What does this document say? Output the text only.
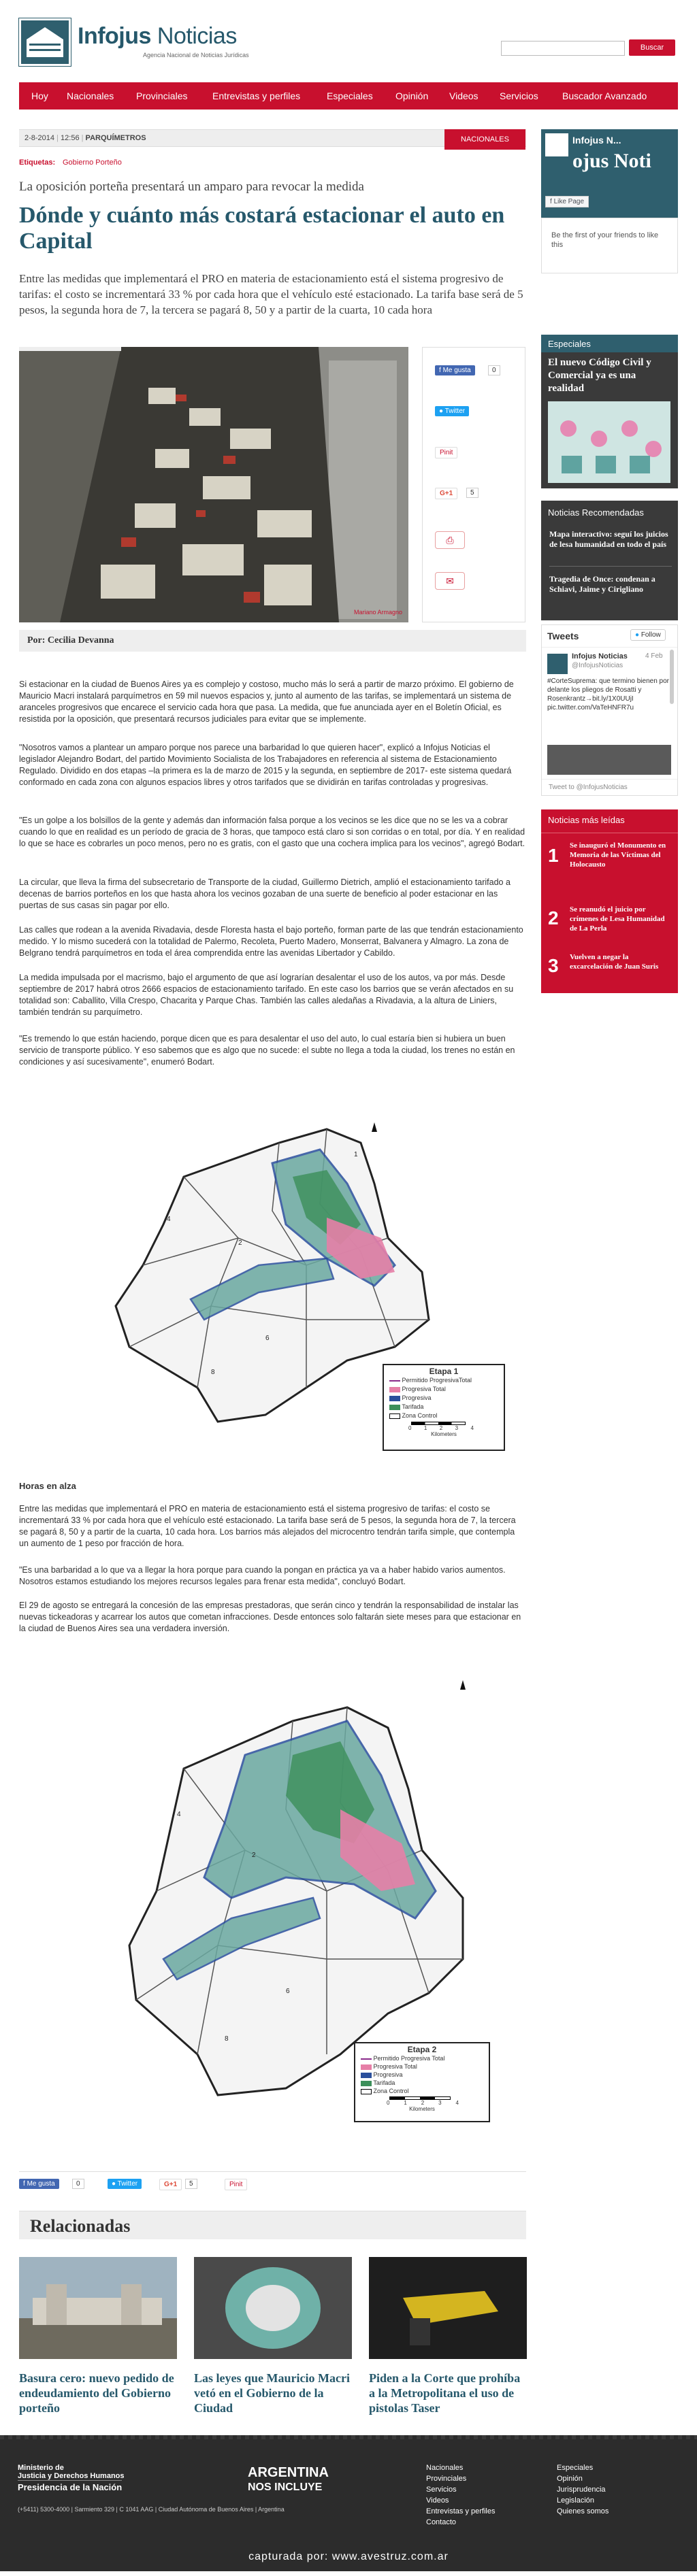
Infojus Noticias
Agencia Nacional de Noticias Jurídicas
Buscar
Hoy Nacionales Provinciales	Entrevistas y perfiles	Especiales Opinión Videos Servicios	Buscador Avanzado
2-8-2014 | 12:56 | PARQUÍMETROS	NACIONALES
Etiquetas: Gobierno Porteño
La oposición porteña presentará un amparo para revocar la medida
Dónde y cuánto más costará estacionar el auto en Capital
Entre las medidas que implementará el PRO en materia de estacionamiento está el sistema progresivo de tarifas: el costo se incrementará 33 % por cada hora que el vehículo esté estacionado. La tarifa base será de 5 pesos, la segunda hora de 7, la tercera se pagará 8, 50 y a partir de la cuarta, 10 cada hora
Mariano Armagno
f Me gusta	0
● Twitter
Pinit
G+1	5
⎙
✉
Por: Cecilia Devanna
Si estacionar en la ciudad de Buenos Aires ya es complejo y costoso, mucho más lo será a partir de marzo próximo. El gobierno de Mauricio Macri instalará parquímetros en 59 mil nuevos espacios y, junto al aumento de las tarifas, se implementará un sistema de aranceles progresivos que encarece el servicio cada hora que pasa. La medida, que fue anunciada ayer en el Boletín Oficial, es resistida por la oposición, que presentará recursos judiciales para evitar que se implemente.
"Nosotros vamos a plantear un amparo porque nos parece una barbaridad lo que quieren hacer", explicó a Infojus Noticias el legislador Alejandro Bodart, del partido Movimiento Socialista de los Trabajadores en referencia al sistema de Estacionamiento Regulado. Dividido en dos etapas –la primera es la de marzo de 2015 y la segunda, en septiembre de 2017- este sistema quedará conformado en cada zona con algunos espacios libres y otros tarifados que se dividirán en tarifas controladas y progresivas.
"Es un golpe a los bolsillos de la gente y además dan información falsa porque a los vecinos se les dice que no se les va a cobrar cuando lo que en realidad es un período de gracia de 3 horas, que tampoco está claro si son corridas o en total, por día. Y en realidad lo que se hace es cobrarles un poco menos, pero no es gratis, con el gasto que una cochera implica para los vecinos", agregó Bodart.
La circular, que lleva la firma del subsecretario de Transporte de la ciudad, Guillermo Dietrich, amplió el estacionamiento tarifado a decenas de barrios porteños en los que hasta ahora los vecinos gozaban de una suerte de beneficio al poder estacionar en las puertas de sus casas sin pagar por ello.
Las calles que rodean a la avenida Rivadavia, desde Floresta hasta el bajo porteño, forman parte de las que tendrán estacionamiento medido. Y lo mismo sucederá con la totalidad de Palermo, Recoleta, Puerto Madero, Monserrat, Balvanera y Almagro. La zona de Belgrano tendrá parquímetros en toda el área comprendida entre las avenidas Libertador y Cabildo.
La medida impulsada por el macrismo, bajo el argumento de que así lograrían desalentar el uso de los autos, va por más. Desde septiembre de 2017 habrá otros 2666 espacios de estacionamiento tarifado. En este caso los barrios que se verán afectados en su totalidad son: Caballito, Villa Crespo, Chacarita y Parque Chas. También las calles aledañas a Rivadavia, a la altura de Liniers, también tendrán su parquímetro.
"Es tremendo lo que están haciendo, porque dicen que es para desalentar el uso del auto, lo cual estaría bien si hubiera un buen servicio de transporte público. Y eso sabemos que es algo que no sucede: el subte no llega a toda la ciudad, los trenes no están en condiciones y así sucesivamente", enumeró Bodart.
2
4
6
8
1
Etapa 1
Permitido ProgresivaTotal
Progresiva Total
Progresiva
Tarifada
Zona Control
0 1 2 3 4
Kilometers
Horas en alza
Entre las medidas que implementará el PRO en materia de estacionamiento está el sistema progresivo de tarifas: el costo se incrementará 33 % por cada hora que el vehículo esté estacionado. La tarifa base será de 5 pesos, la segunda hora de 7, la tercera se pagará 8, 50 y a partir de la cuarta, 10 cada hora. Los barrios más alejados del microcentro tendrán tarifa simple, que contempla un aumento de 1 peso por fracción de hora.
"Es una barbaridad a lo que va a llegar la hora porque para cuando la pongan en práctica ya va a haber habido varios aumentos. Nosotros estamos estudiando los mejores recursos legales para frenar esta medida", concluyó Bodart.
El 29 de agosto se entregará la concesión de las empresas prestadoras, que serán cinco y tendrán la responsabilidad de instalar las nuevas tickeadoras y acarrear los autos que cometan infracciones. Desde entonces solo faltarán siete meses para que estacionar en la ciudad de Buenos Aires sea una verdadera inversión.
2
4
6
8
Etapa 2
Permitido Progresiva Total
Progresiva Total
Progresiva
Tarifada
Zona Control
0	1	2	3	4
Kilometers
f Me gusta	0	● Twitter	G+1	5	Pinit
Relacionadas
Basura cero: nuevo pedido de endeudamiento del Gobierno porteño
Las leyes que Mauricio Macri vetó en el Gobierno de la Ciudad
Piden a la Corte que prohíba a la Metropolitana el uso de pistolas Taser
Infojus N...
ojus Noti
f Like Page
Be the first of your friends to like this
Especiales
El nuevo Código Civil y Comercial ya es una realidad
Noticias Recomendadas
Mapa interactivo: seguí los juicios de lesa humanidad en todo el país
Tragedia de Once: condenan a Schiavi, Jaime y Cirigliano
Tweets	● Follow
Infojus Noticias
@InfojusNoticias
4 Feb
#CorteSuprema: que termino bienen por delante los pliegos de Rosatti y Rosenkrantz→bit.ly/1X0UUjI pic.twitter.com/VaTeHNFR7u
Tweet to @InfojusNoticias
Noticias más leídas
1 Se inauguró el Monumento en Memoria de las Víctimas del Holocausto
2 Se reanudó el juicio por crímenes de Lesa Humanidad de La Perla
3 Vuelven a negar la excarcelación de Juan Suris
Ministerio de
Justicia y Derechos Humanos
Presidencia de la Nación
ARGENTINA
NOS INCLUYE
(+5411) 5300-4000 | Sarmiento 329 | C 1041 AAG | Ciudad Autónoma de Buenos Aires | Argentina
Nacionales
Provinciales
Servicios
Videos
Entrevistas y perfiles
Contacto
Especiales
Opinión
Jurisprudencia
Legislación
Quienes somos
capturada por: www.avestruz.com.ar
